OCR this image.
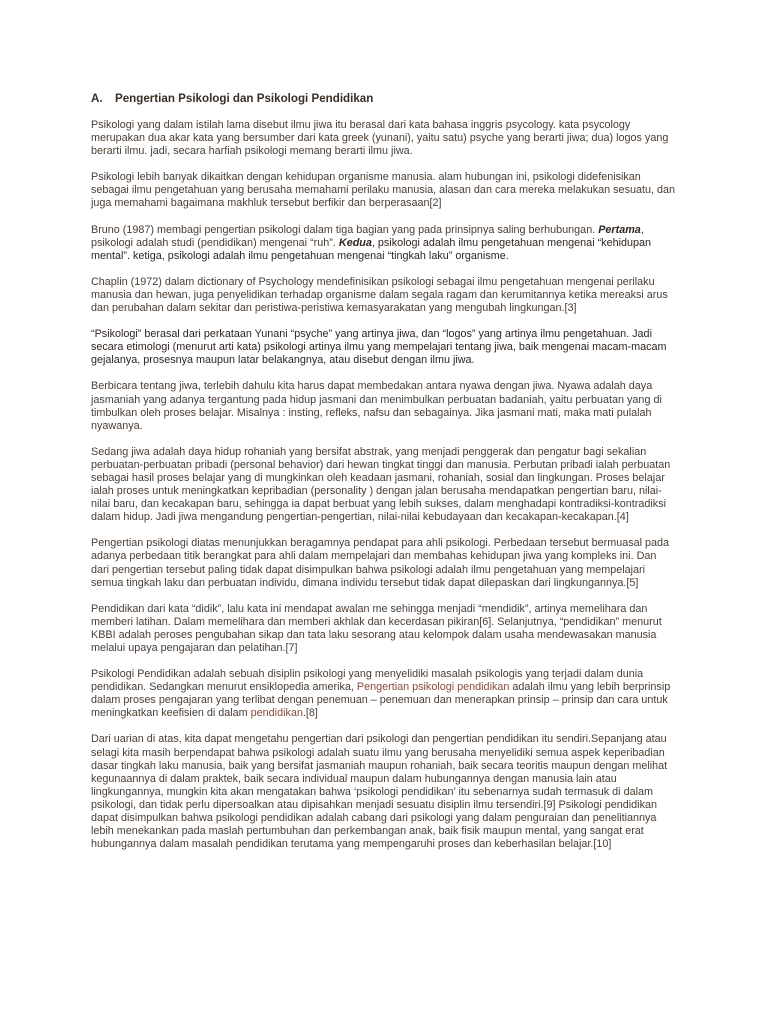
A. Pengertian Psikologi dan Psikologi Pendidikan

Psikologi yang dalam istilah lama disebut ilmu jiwa itu berasal dari kata bahasa inggris psycology. kata psycology merupakan dua akar kata yang bersumber dari kata greek (yunani), yaitu satu) psyche yang berarti jiwa; dua) logos yang berarti ilmu. jadi, secara harfiah psikologi memang berarti ilmu jiwa.

Psikologi lebih banyak dikaitkan dengan kehidupan organisme manusia. alam hubungan ini, psikologi didefenisikan sebagai ilmu pengetahuan yang berusaha memahami perilaku manusia, alasan dan cara mereka melakukan sesuatu, dan juga memahami bagaimana makhluk tersebut berfikir dan berperasaan[2]

Bruno (1987) membagi pengertian psikologi dalam tiga bagian yang pada prinsipnya saling berhubungan. Pertama, psikologi adalah studi (pendidikan) mengenai “ruh”. Kedua, psikologi adalah ilmu pengetahuan mengenai “kehidupan mental”. ketiga, psikologi adalah ilmu pengetahuan mengenai “tingkah laku” organisme.

Chaplin (1972) dalam dictionary of Psychology mendefinisikan psikologi sebagai ilmu pengetahuan mengenai perilaku manusia dan hewan, juga penyelidikan terhadap organisme dalam segala ragam dan kerumitannya ketika mereaksi arus dan perubahan dalam sekitar dan peristiwa-peristiwa kemasyarakatan yang mengubah lingkungan.[3]

“Psikologi” berasal dari perkataan Yunani “psyche” yang artinya jiwa, dan “logos” yang artinya ilmu pengetahuan. Jadi secara etimologi (menurut arti kata) psikologi artinya ilmu yang mempelajari tentang jiwa, baik mengenai macam-macam gejalanya, prosesnya maupun latar belakangnya, atau disebut dengan ilmu jiwa.

Berbicara tentang jiwa, terlebih dahulu kita harus dapat membedakan antara nyawa dengan jiwa. Nyawa adalah daya jasmaniah yang adanya tergantung pada hidup jasmani dan menimbulkan perbuatan badaniah, yaitu perbuatan yang di timbulkan oleh proses belajar. Misalnya : insting, refleks, nafsu dan sebagainya. Jika jasmani mati, maka mati pulalah nyawanya.

Sedang jiwa adalah daya hidup rohaniah yang bersifat abstrak, yang menjadi penggerak dan pengatur bagi sekalian perbuatan-perbuatan pribadi (personal behavior) dari hewan tingkat tinggi dan manusia. Perbutan pribadi ialah perbuatan sebagai hasil proses belajar yang di mungkinkan oleh keadaan jasmani, rohaniah, sosial dan lingkungan. Proses belajar ialah proses untuk meningkatkan kepribadian (personality ) dengan jalan berusaha mendapatkan pengertian baru, nilai-nilai baru, dan kecakapan baru, sehingga ia dapat berbuat yang lebih sukses, dalam menghadapi kontradiksi-kontradiksi dalam hidup. Jadi jiwa mengandung pengertian-pengertian, nilai-nilai kebudayaan dan kecakapan-kecakapan.[4]

Pengertian psikologi diatas menunjukkan beragamnya pendapat para ahli psikologi. Perbedaan tersebut bermuasal pada adanya perbedaan titik berangkat para ahli dalam mempelajari dan membahas kehidupan jiwa yang kompleks ini. Dan dari pengertian tersebut paling tidak dapat disimpulkan bahwa psikologi adalah ilmu pengetahuan yang mempelajari semua tingkah laku dan perbuatan individu, dimana individu tersebut tidak dapat dilepaskan dari lingkungannya.[5]

Pendidikan dari kata “didik”, lalu kata ini mendapat awalan me sehingga menjadi “mendidik”, artinya memelihara dan memberi latihan. Dalam memelihara dan memberi akhlak dan kecerdasan pikiran[6]. Selanjutnya, “pendidikan” menurut KBBI adalah peroses pengubahan sikap dan tata laku sesorang atau kelompok dalam usaha mendewasakan manusia melalui upaya pengajaran dan pelatihan.[7]

Psikologi Pendidikan adalah sebuah disiplin psikologi yang menyelidiki masalah psikologis yang terjadi dalam dunia pendidikan. Sedangkan menurut ensiklopedia amerika, Pengertian psikologi pendidikan adalah ilmu yang lebih berprinsip dalam proses pengajaran yang terlibat dengan penemuan – penemuan dan menerapkan prinsip – prinsip dan cara untuk meningkatkan keefisien di dalam pendidikan.[8]

Dari uarian di atas, kita dapat mengetahu pengertian dari psikologi dan pengertian pendidikan itu sendiri.Sepanjang atau selagi kita masih berpendapat bahwa psikologi adalah suatu ilmu yang berusaha menyelidiki semua aspek keperibadian dasar tingkah laku manusia, baik yang bersifat jasmaniah maupun rohaniah, baik secara teoritis maupun dengan melihat kegunaannya di dalam praktek, baik secara individual maupun dalam hubungannya dengan manusia lain atau lingkungannya, mungkin kita akan mengatakan bahwa ‘psikologi pendidikan’ itu sebenarnya sudah termasuk di dalam psikologi, dan tidak perlu dipersoalkan atau dipisahkan menjadi sesuatu disiplin ilmu tersendiri.[9] Psikologi pendidikan dapat disimpulkan bahwa psikologi pendidikan adalah cabang dari psikologi yang dalam penguraian dan penelitiannya lebih menekankan pada maslah pertumbuhan dan perkembangan anak, baik fisik maupun mental, yang sangat erat hubungannya dalam masalah pendidikan terutama yang mempengaruhi proses dan keberhasilan belajar.[10]
